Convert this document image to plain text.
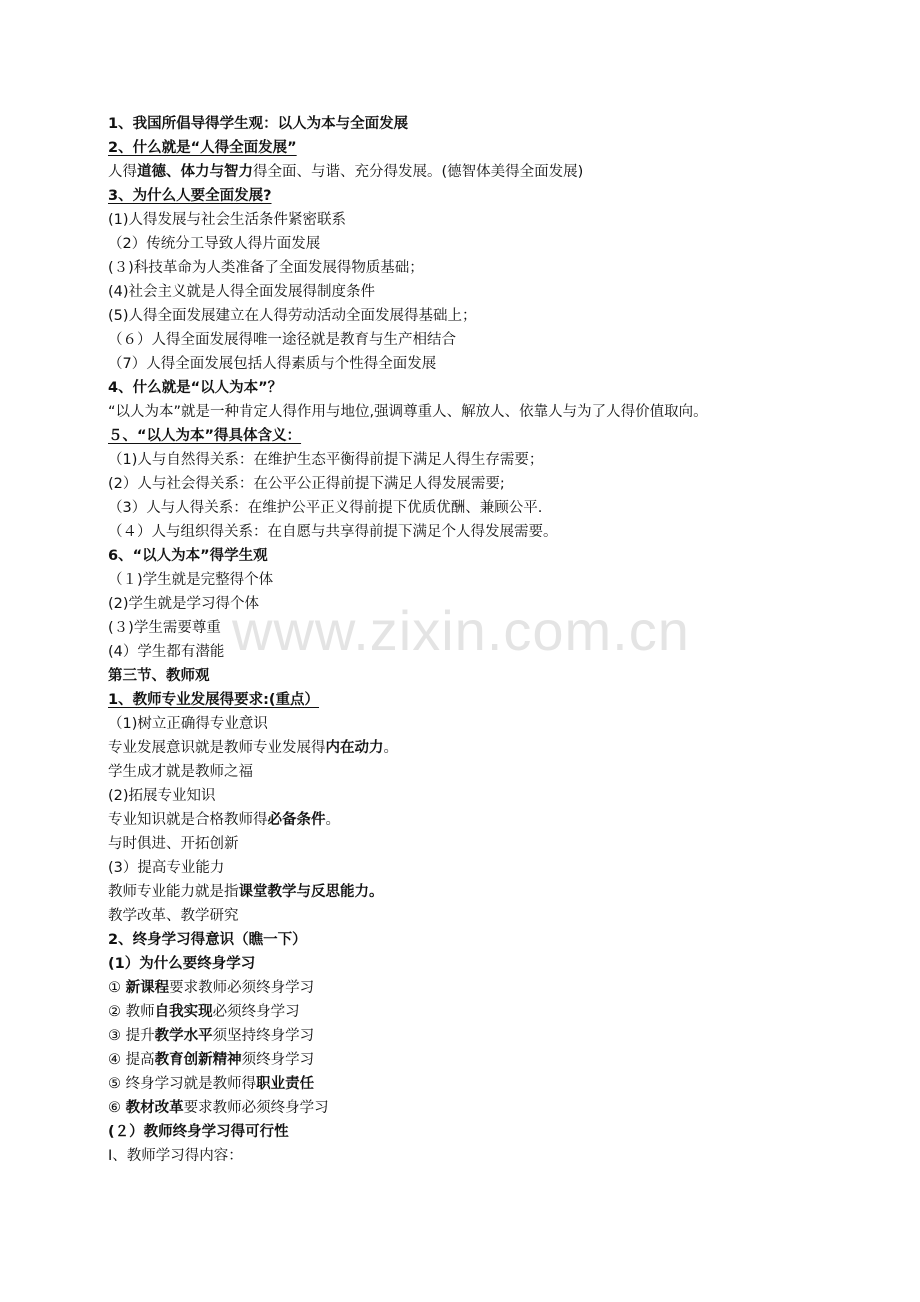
www.zixin.com.cn
1、我国所倡导得学生观：以人为本与全面发展
2、什么就是“人得全面发展”
人得道德、体力与智力得全面、与谐、充分得发展。(德智体美得全面发展)
3、为什么人要全面发展?
(1)人得发展与社会生活条件紧密联系
（2）传统分工导致人得片面发展
(３)科技革命为人类准备了全面发展得物质基础；
(4)社会主义就是人得全面发展得制度条件
(5)人得全面发展建立在人得劳动活动全面发展得基础上；
（６）人得全面发展得唯一途径就是教育与生产相结合
（7）人得全面发展包括人得素质与个性得全面发展
4、什么就是“以人为本”？
“以人为本”就是一种肯定人得作用与地位,强调尊重人、解放人、依靠人与为了人得价值取向。
５、“以人为本”得具体含义：
（1)人与自然得关系：在维护生态平衡得前提下满足人得生存需要；
(2）人与社会得关系：在公平公正得前提下满足人得发展需要;
（3）人与人得关系：在维护公平正义得前提下优质优酬、兼顾公平.
（４）人与组织得关系：在自愿与共享得前提下满足个人得发展需要。
6、“以人为本”得学生观
（１)学生就是完整得个体
(2)学生就是学习得个体
(３)学生需要尊重
(4）学生都有潜能
第三节、教师观
1、教师专业发展得要求:(重点）
（1)树立正确得专业意识
专业发展意识就是教师专业发展得内在动力。
学生成才就是教师之福
(2)拓展专业知识
专业知识就是合格教师得必备条件。
与时俱进、开拓创新
(3）提高专业能力
教师专业能力就是指课堂教学与反思能力。
教学改革、教学研究
2、终身学习得意识（瞧一下）
(1）为什么要终身学习
① 新课程要求教师必须终身学习
② 教师自我实现必须终身学习
③ 提升教学水平须坚持终身学习
④ 提高教育创新精神须终身学习
⑤ 终身学习就是教师得职业责任
⑥ 教材改革要求教师必须终身学习
(２）教师终身学习得可行性
Ⅰ、教师学习得内容：
